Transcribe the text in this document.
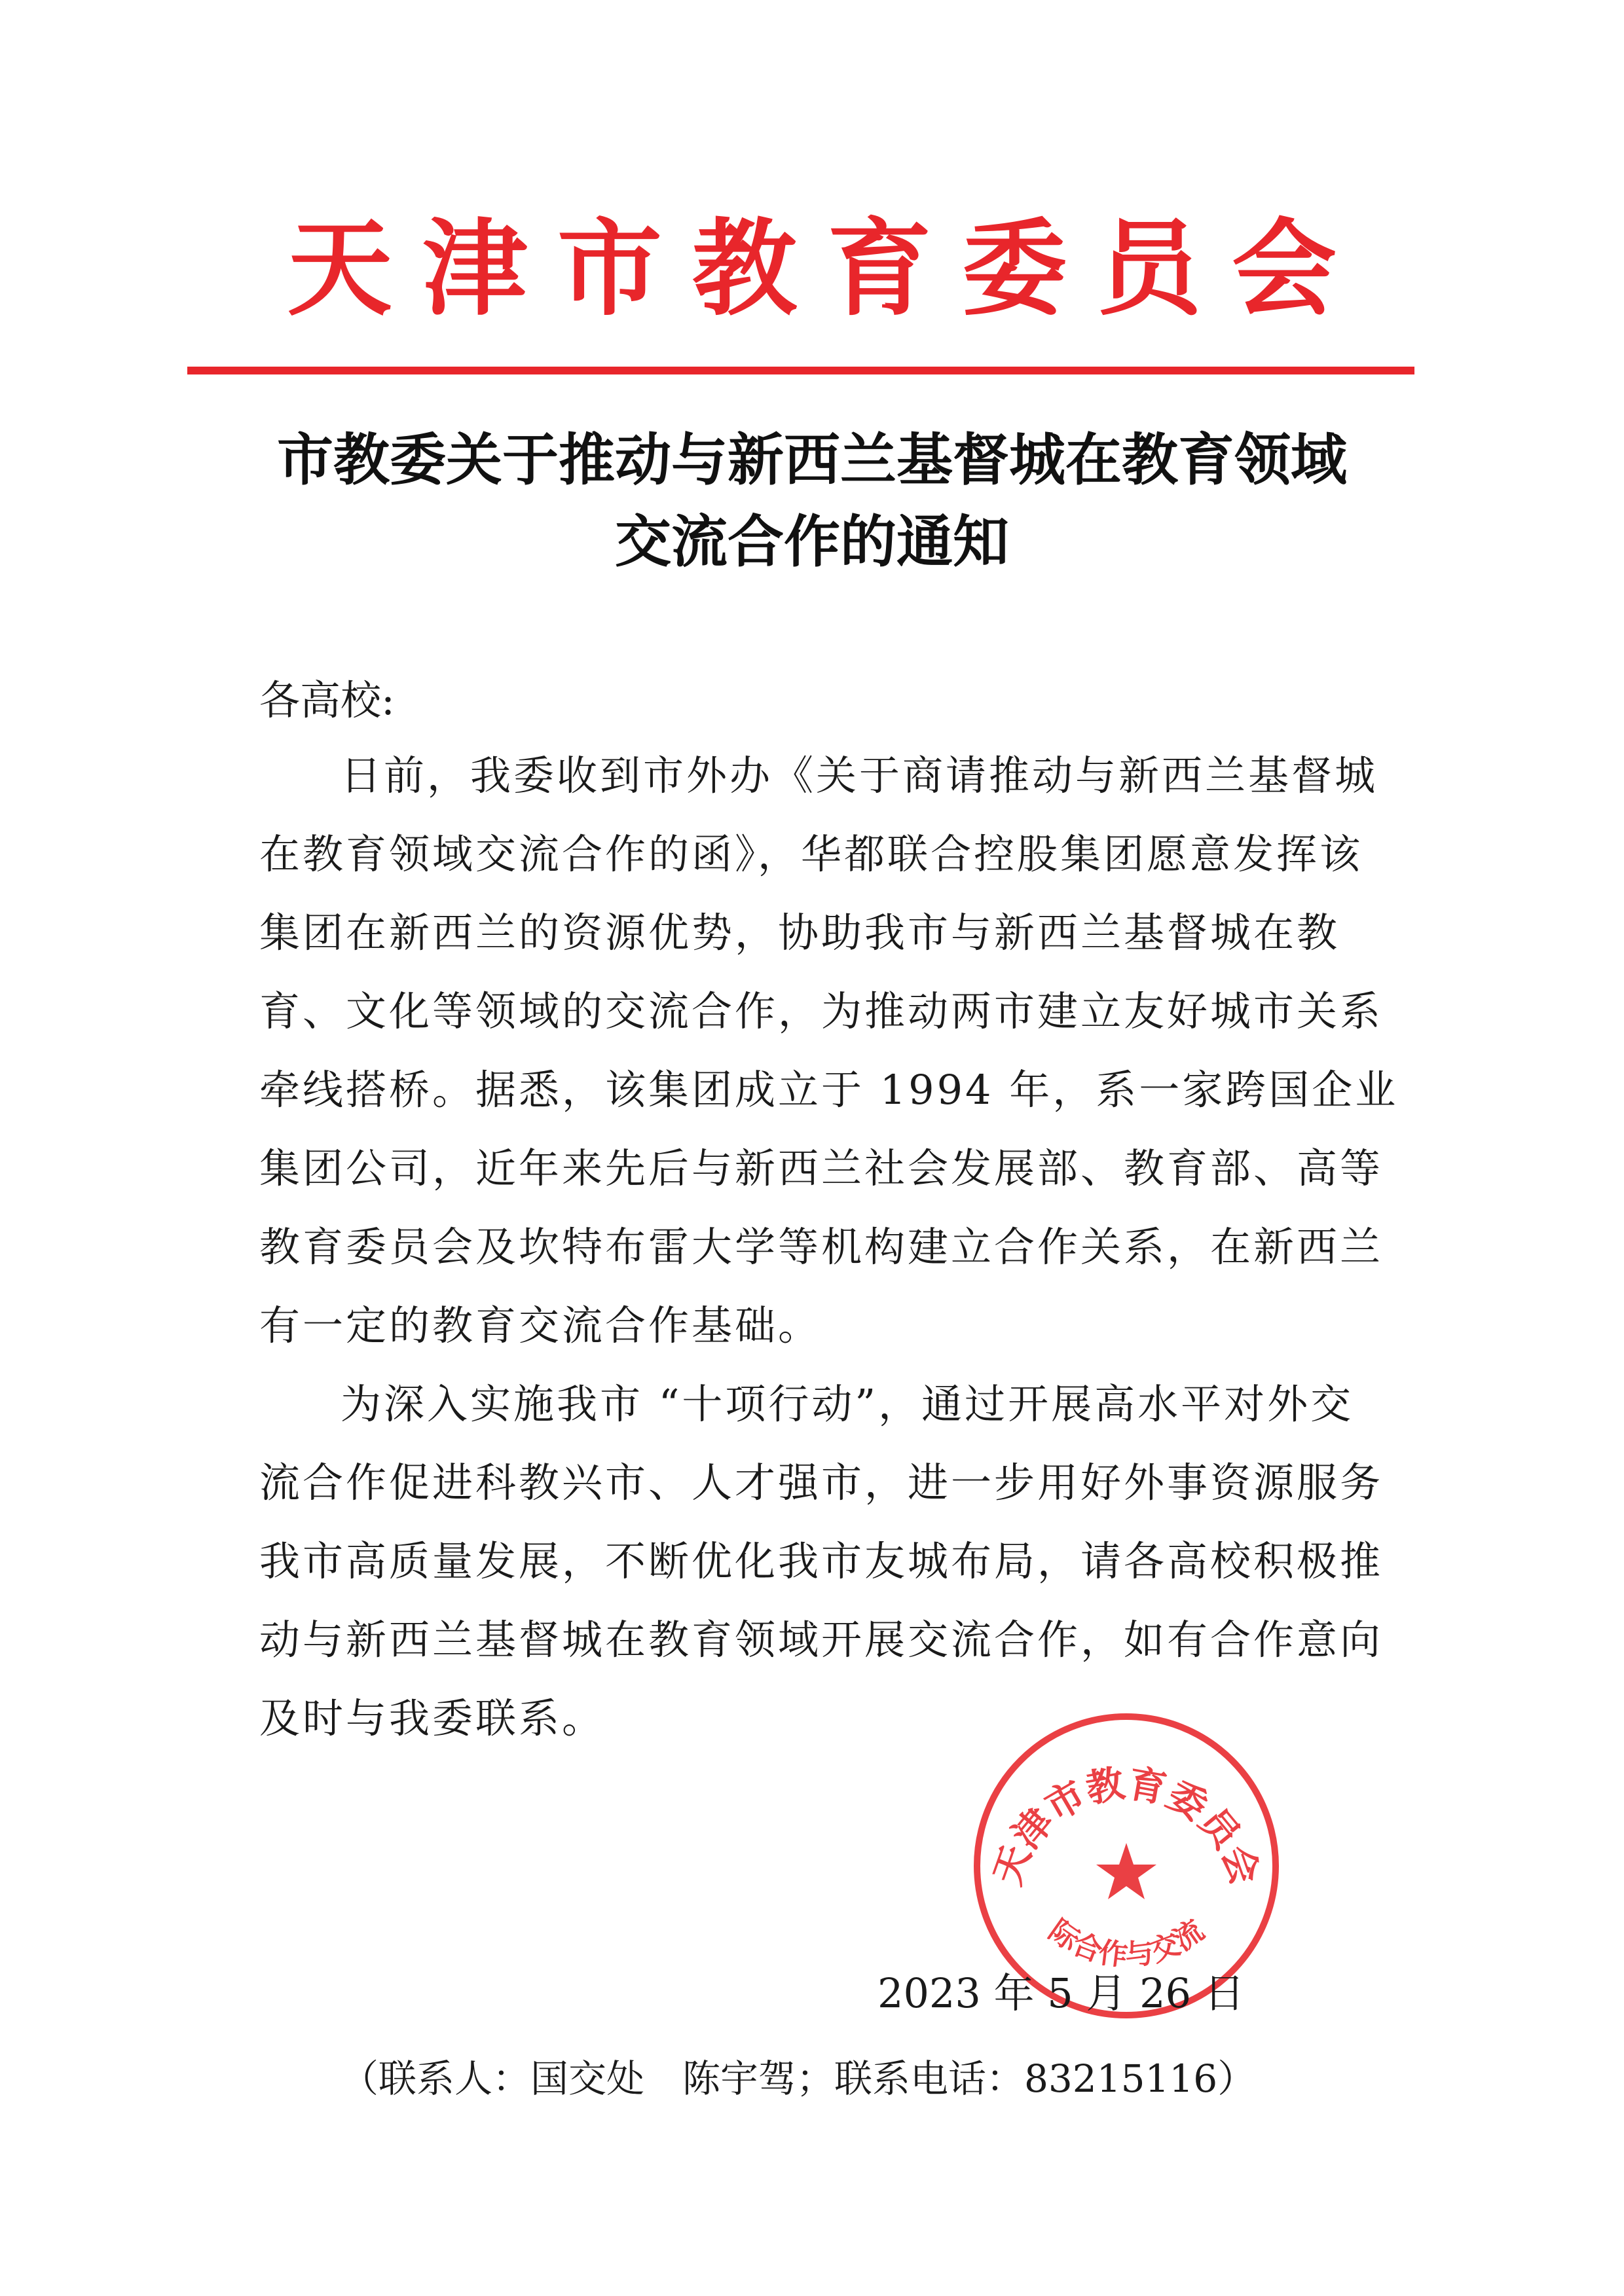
天津市教育委员会
市教委关于推动与新西兰基督城在教育领域
交流合作的通知
各高校:
日前，我委收到市外办《关于商请推动与新西兰基督城
在教育领域交流合作的函》，华都联合控股集团愿意发挥该
集团在新西兰的资源优势，协助我市与新西兰基督城在教
育、文化等领域的交流合作，为推动两市建立友好城市关系
牵线搭桥。据悉，该集团成立于 1994 年，系一家跨国企业
集团公司，近年来先后与新西兰社会发展部、教育部、高等
教育委员会及坎特布雷大学等机构建立合作关系，在新西兰
有一定的教育交流合作基础。
为深入实施我市 “十项行动”，通过开展高水平对外交
流合作促进科教兴市、人才强市，进一步用好外事资源服务
我市高质量发展，不断优化我市友城布局，请各高校积极推
动与新西兰基督城在教育领域开展交流合作，如有合作意向
及时与我委联系。
天津市教育委员会
际合作与交流
2023 年 5 月 26 日
（联系人：国交处　陈宇驾；联系电话：83215116）
